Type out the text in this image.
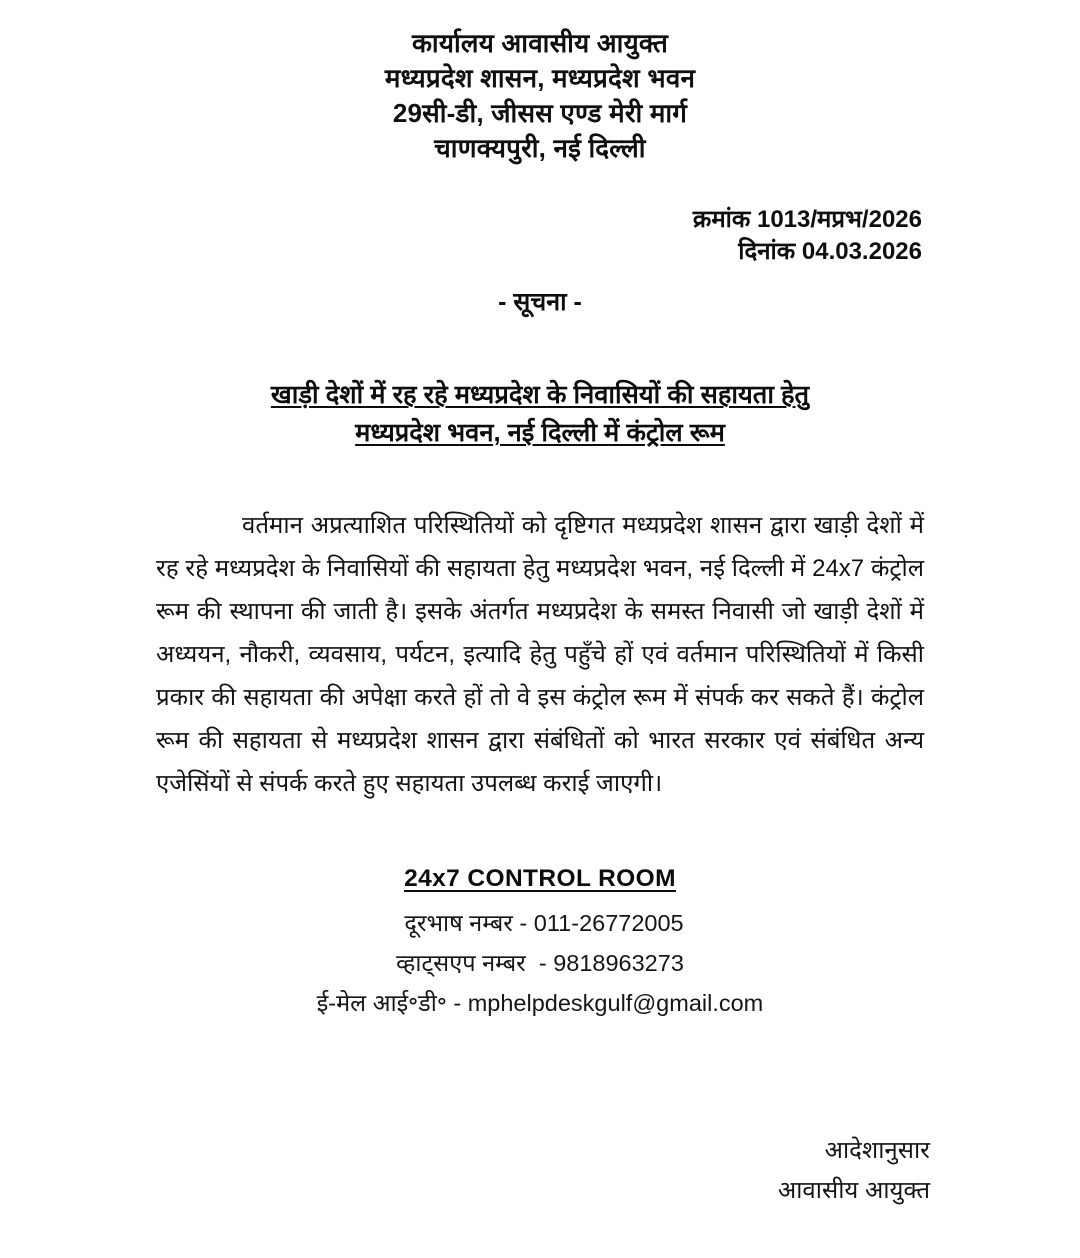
कार्यालय आवासीय आयुक्त
मध्यप्रदेश शासन, मध्यप्रदेश भवन
29सी-डी, जीसस एण्ड मेरी मार्ग
चाणक्यपुरी, नई दिल्ली
क्रमांक 1013/मप्रभ/2026
दिनांक 04.03.2026
- सूचना -
खाड़ी देशों में रह रहे मध्यप्रदेश के निवासियों की सहायता हेतु
मध्यप्रदेश भवन, नई दिल्ली में कंट्रोल रूम

वर्तमान अप्रत्याशित परिस्थितियों को दृष्टिगत मध्यप्रदेश शासन द्वारा खाड़ी देशों में रह रहे मध्यप्रदेश के निवासियों की सहायता हेतु मध्यप्रदेश भवन, नई दिल्ली में 24x7 कंट्रोल रूम की स्थापना की जाती है। इसके अंतर्गत मध्यप्रदेश के समस्त निवासी जो खाड़ी देशों में अध्ययन, नौकरी, व्यवसाय, पर्यटन, इत्यादि हेतु पहुँचे हों एवं वर्तमान परिस्थितियों में किसी प्रकार की सहायता की अपेक्षा करते हों तो वे इस कंट्रोल रूम में संपर्क कर सकते हैं। कंट्रोल रूम की सहायता से मध्यप्रदेश शासन द्वारा संबंधितों को भारत सरकार एवं संबंधित अन्य एजेसिंयों से संपर्क करते हुए सहायता उपलब्ध कराई जाएगी।

24x7 CONTROL ROOM
दूरभाष नम्बर - 011-26772005
व्हाट्सएप नम्बर  - 9818963273
ई-मेल आई॰डी॰ - mphelpdeskgulf@gmail.com
आदेशानुसार
आवासीय आयुक्त
